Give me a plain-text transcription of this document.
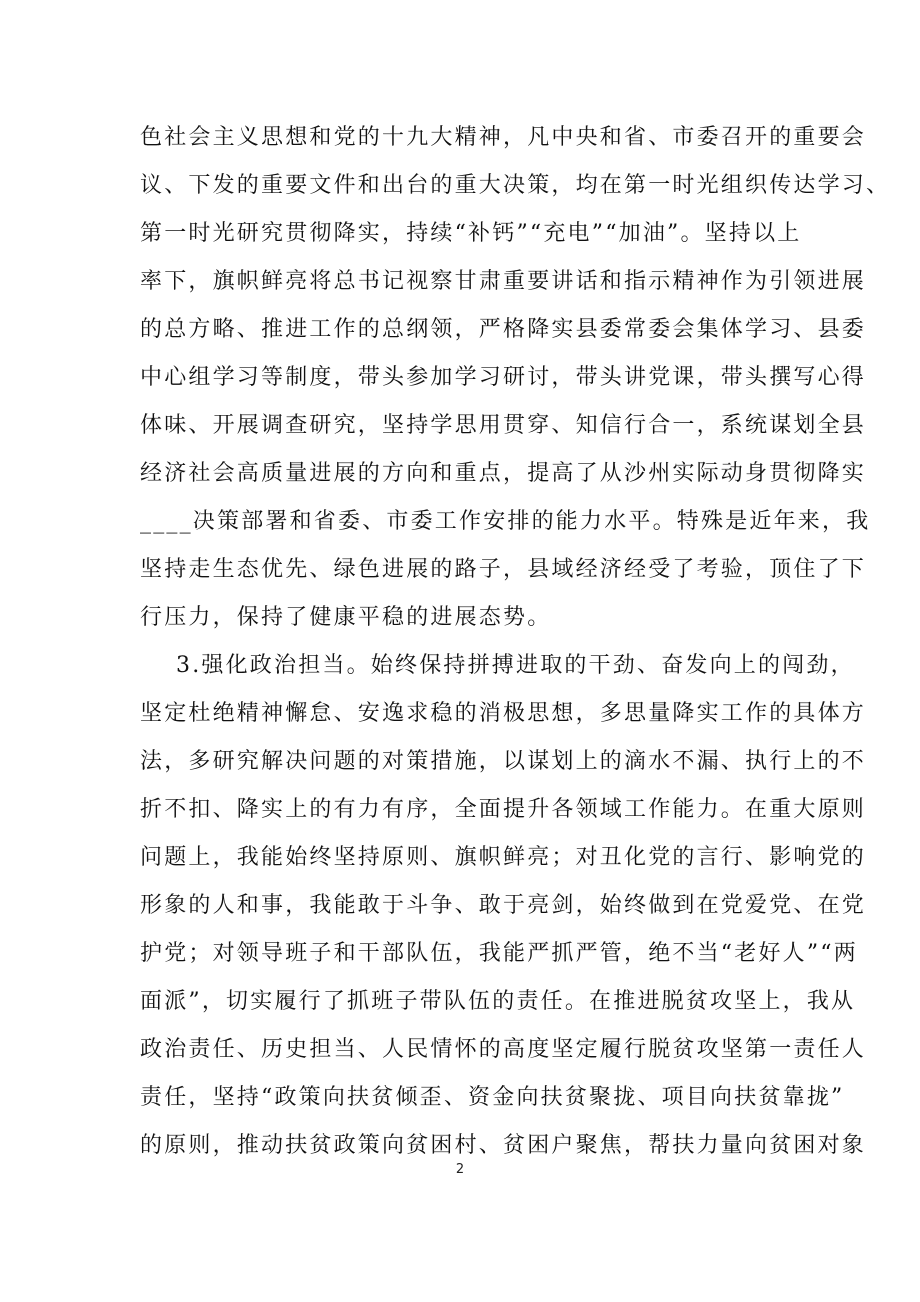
色社会主义思想和党的十九大精神，凡中央和省、市委召开的重要会
议、下发的重要文件和出台的重大决策，均在第一时光组织传达学习、
第一时光研究贯彻降实，持续“补钙”“充电”“加油”。坚持以上
率下，旗帜鲜亮将总书记视察甘肃重要讲话和指示精神作为引领进展
的总方略、推进工作的总纲领，严格降实县委常委会集体学习、县委
中心组学习等制度，带头参加学习研讨，带头讲党课，带头撰写心得
体味、开展调查研究，坚持学思用贯穿、知信行合一，系统谋划全县
经济社会高质量进展的方向和重点，提高了从沙州实际动身贯彻降实
____决策部署和省委、市委工作安排的能力水平。特殊是近年来，我
坚持走生态优先、绿色进展的路子，县域经济经受了考验，顶住了下
行压力，保持了健康平稳的进展态势。
3.强化政治担当。始终保持拼搏进取的干劲、奋发向上的闯劲，
坚定杜绝精神懈怠、安逸求稳的消极思想，多思量降实工作的具体方
法，多研究解决问题的对策措施，以谋划上的滴水不漏、执行上的不
折不扣、降实上的有力有序，全面提升各领域工作能力。在重大原则
问题上，我能始终坚持原则、旗帜鲜亮；对丑化党的言行、影响党的
形象的人和事，我能敢于斗争、敢于亮剑，始终做到在党爱党、在党
护党；对领导班子和干部队伍，我能严抓严管，绝不当“老好人”“两
面派”，切实履行了抓班子带队伍的责任。在推进脱贫攻坚上，我从
政治责任、历史担当、人民情怀的高度坚定履行脱贫攻坚第一责任人
责任，坚持“政策向扶贫倾歪、资金向扶贫聚拢、项目向扶贫靠拢”
的原则，推动扶贫政策向贫困村、贫困户聚焦，帮扶力量向贫困对象
2
